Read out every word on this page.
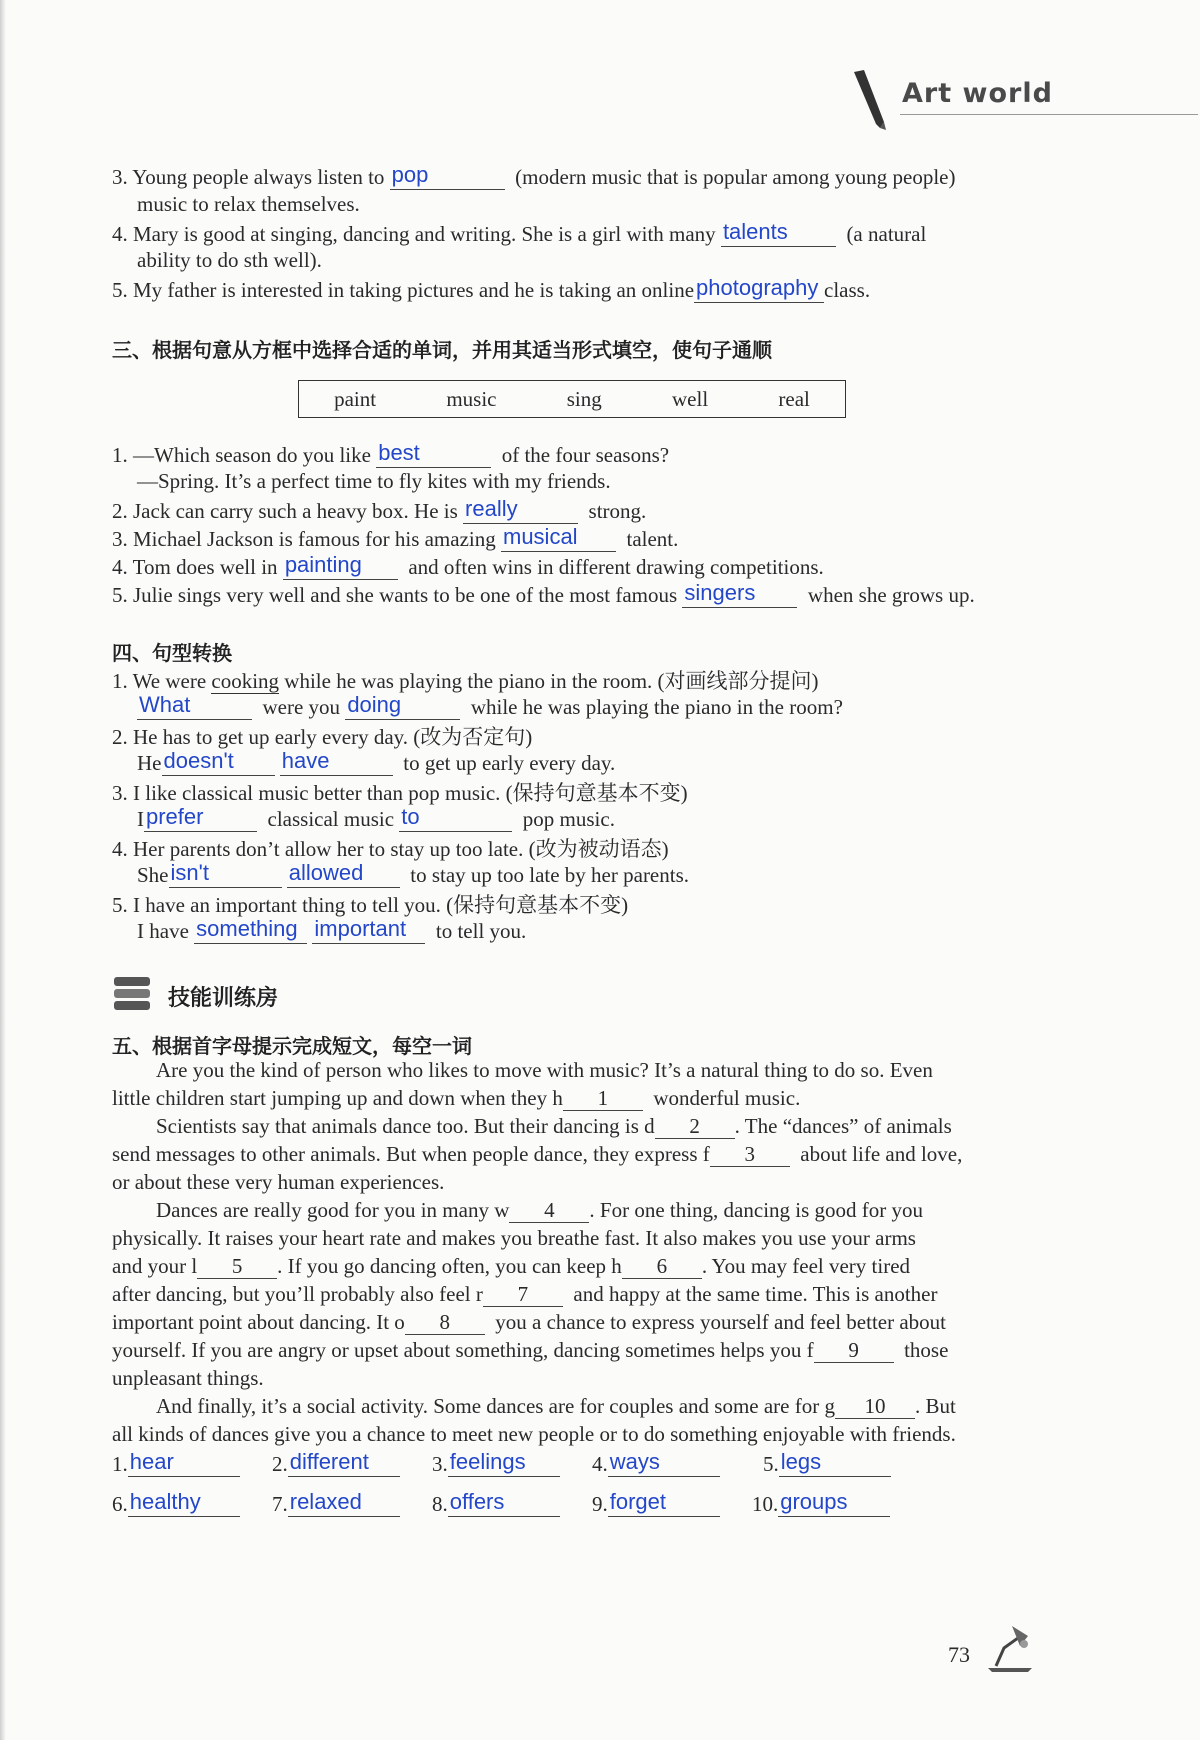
Art world
3. Young people always listen to pop	(modern music that is popular among young people)
music to relax themselves.
4. Mary is good at singing, dancing and writing. She is a girl with many talents	(a natural
ability to do sth well).
5. My father is interested in taking pictures and he is taking an online photography class.
三、根据句意从方框中选择合适的单词，并用其适当形式填空，使句子通顺
paint	music	sing	well	real
1. —Which season do you like best	of the four seasons?
—Spring. It’s a perfect time to fly kites with my friends.
2. Jack can carry such a heavy box. He is really	strong.
3. Michael Jackson is famous for his amazing musical talent.
4. Tom does well in painting and often wins in different drawing competitions.
5. Julie sings very well and she wants to be one of the most famous singers	when she grows up.
四、句型转换
1. We were cooking while he was playing the piano in the room. (对画线部分提问)
What	were you doing	while he was playing the piano in the room?
2. He has to get up early every day. (改为否定句)
He doesn't
have	to get up early every day.
3. I like classical music better than pop music. (保持句意基本不变)
I prefer	classical music to	pop music.
4. Her parents don’t allow her to stay up too late. (改为被动语态)
She isn't
	allowed to stay up too late by her parents.
5. I have an important thing to tell you. (保持句意基本不变)
I have something
important to tell you.
技能训练房
五、根据首字母提示完成短文，每空一词
Are you the kind of person who likes to move with music? It’s a natural thing to do so. Even
little children start jumping up and down when they h 1 wonderful music.
Scientists say that animals dance too. But their dancing is d 2 . The “dances” of animals
send messages to other animals. But when people dance, they express f 3 about life and love,
or about these very human experiences.
Dances are really good for you in many w 4 . For one thing, dancing is good for you
physically. It raises your heart rate and makes you breathe fast. It also makes you use your arms
and your l 5 . If you go dancing often, you can keep h 6 . You may feel very tired
after dancing, but you’ll probably also feel r 7 and happy at the same time. This is another
important point about dancing. It o 8 you a chance to express yourself and feel better about
yourself. If you are angry or upset about something, dancing sometimes helps you f 9 those
unpleasant things.
And finally, it’s a social activity. Some dances are for couples and some are for g 10 . But
all kinds of dances give you a chance to meet new people or to do something enjoyable with friends.
1. hear	2. different	3. feelings	4. ways	5. legs
6. healthy	7. relaxed	8. offers	9. forget	10. groups
73
